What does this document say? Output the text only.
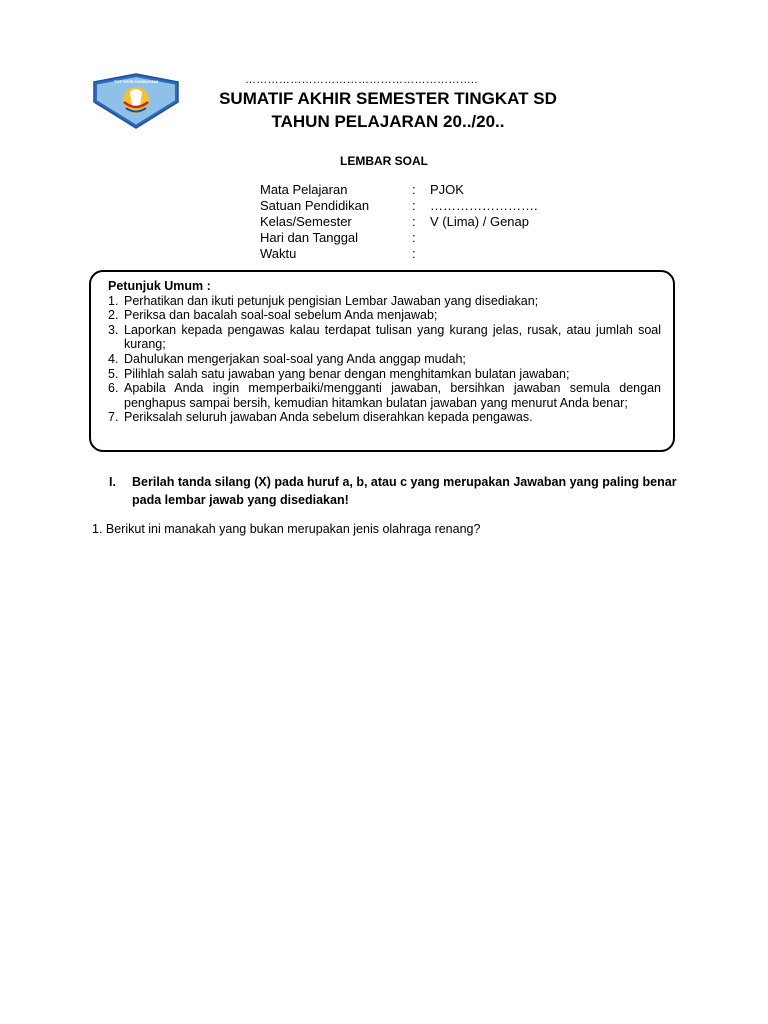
TUT WURI HANDAYANI	……………………………………………………..
SUMATIF AKHIR SEMESTER TINGKAT SD
TAHUN PELAJARAN 20../20..
LEMBAR SOAL
Mata Pelajaran	:	PJOK
Satuan Pendidikan	:	…………………….
Kelas/Semester	:	V (Lima) / Genap
Hari dan Tanggal	:
Waktu	:
Petunjuk Umum :
1. Perhatikan dan ikuti petunjuk pengisian Lembar Jawaban yang disediakan;
2. Periksa dan bacalah soal-soal sebelum Anda menjawab;
3. Laporkan kepada pengawas kalau terdapat tulisan yang kurang jelas, rusak, atau jumlah soal kurang;
4. Dahulukan mengerjakan soal-soal yang Anda anggap mudah;
5. Pilihlah salah satu jawaban yang benar dengan menghitamkan bulatan jawaban;
6. Apabila Anda ingin memperbaiki/mengganti jawaban, bersihkan jawaban semula dengan penghapus sampai bersih, kemudian hitamkan bulatan jawaban yang menurut Anda benar;
7. Periksalah seluruh jawaban Anda sebelum diserahkan kepada pengawas.
I. Berilah tanda silang (X) pada huruf a, b, atau c yang merupakan Jawaban yang paling benar pada lembar jawab yang disediakan!
1. Berikut ini manakah yang bukan merupakan jenis olahraga renang?
